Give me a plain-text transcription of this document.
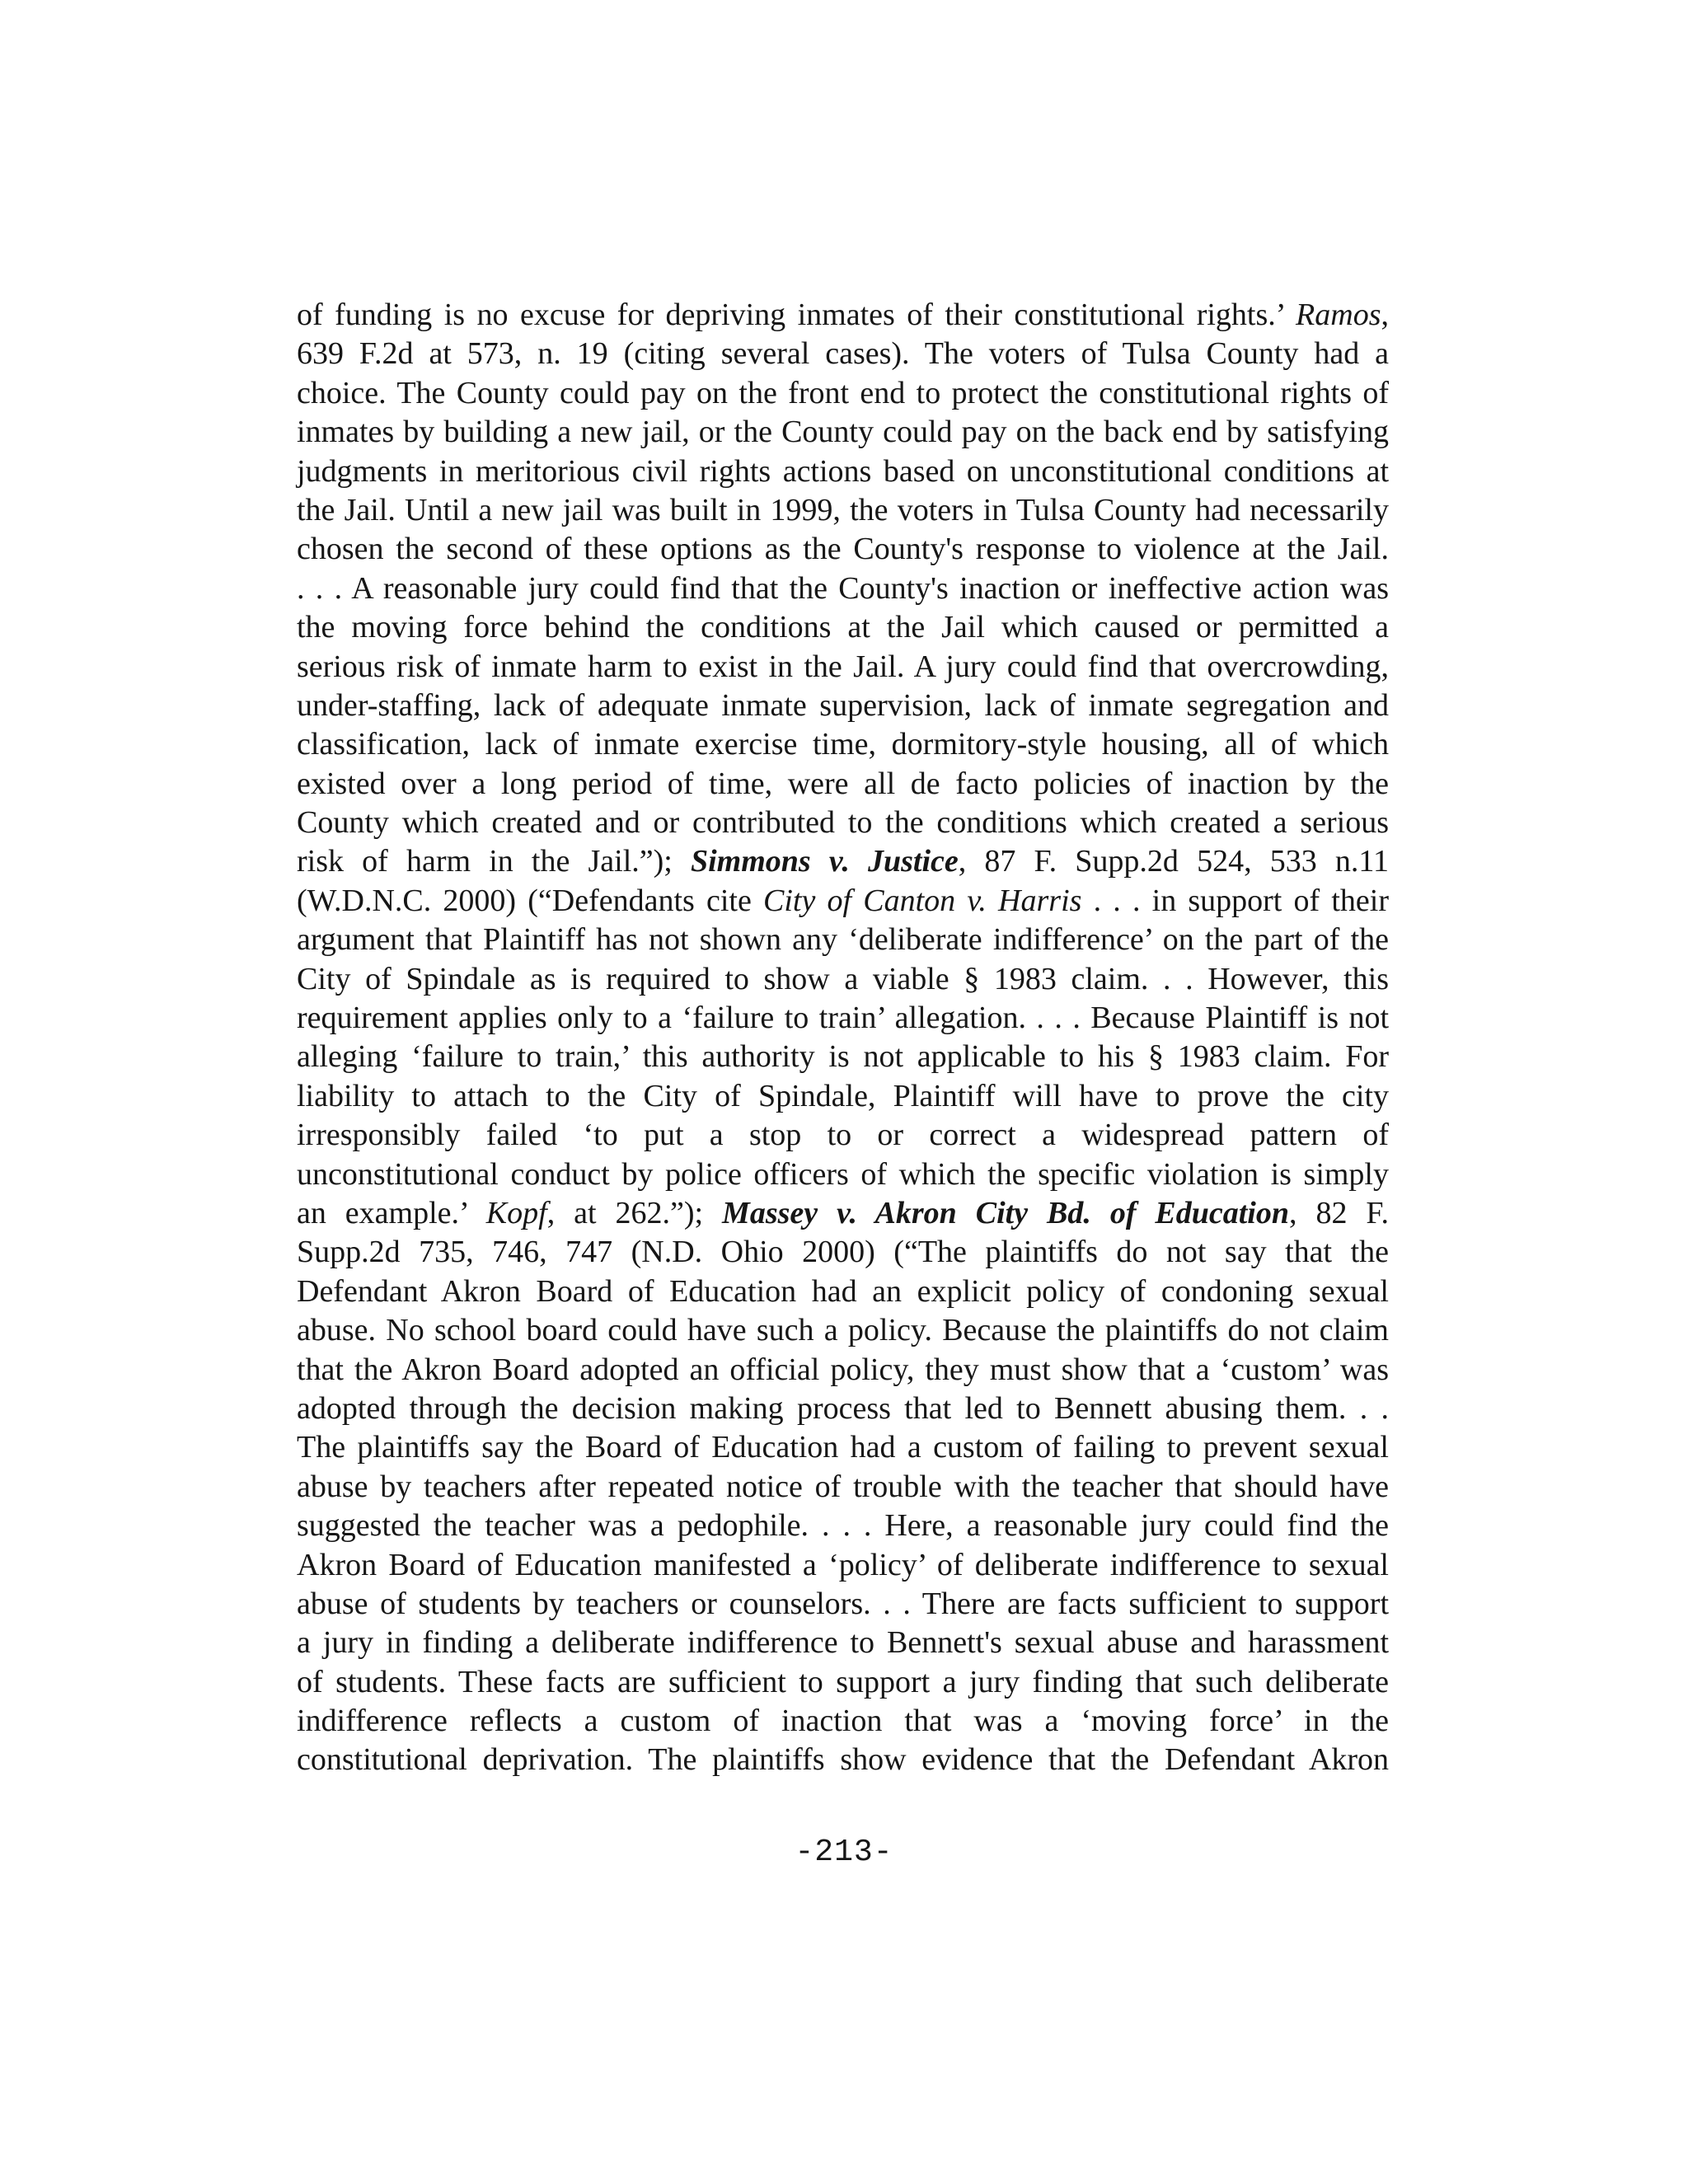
of funding is no excuse for depriving inmates of their constitutional rights.’ Ramos,
639 F.2d at 573, n. 19 (citing several cases). The voters of Tulsa County had a
choice. The County could pay on the front end to protect the constitutional rights of
inmates by building a new jail, or the County could pay on the back end by satisfying
judgments in meritorious civil rights actions based on unconstitutional conditions at
the Jail. Until a new jail was built in 1999, the voters in Tulsa County had necessarily
chosen the second of these options as the County's response to violence at the Jail.
. . . A reasonable jury could find that the County's inaction or ineffective action was
the moving force behind the conditions at the Jail which caused or permitted a
serious risk of inmate harm to exist in the Jail. A jury could find that overcrowding,
under-staffing, lack of adequate inmate supervision, lack of inmate segregation and
classification, lack of inmate exercise time, dormitory-style housing, all of which
existed over a long period of time, were all de facto policies of inaction by the
County which created and or contributed to the conditions which created a serious
risk of harm in the Jail.”); Simmons v. Justice, 87 F. Supp.2d 524, 533 n.11
(W.D.N.C. 2000) (“Defendants cite City of Canton v. Harris . . . in support of their
argument that Plaintiff has not shown any ‘deliberate indifference’ on the part of the
City of Spindale as is required to show a viable § 1983 claim. . . However, this
requirement applies only to a ‘failure to train’ allegation. . . . Because Plaintiff is not
alleging ‘failure to train,’ this authority is not applicable to his § 1983 claim. For
liability to attach to the City of Spindale, Plaintiff will have to prove the city
irresponsibly failed ‘to put a stop to or correct a widespread pattern of
unconstitutional conduct by police officers of which the specific violation is simply
an example.’ Kopf, at 262.”); Massey v. Akron City Bd. of Education, 82 F.
Supp.2d 735, 746, 747 (N.D. Ohio 2000) (“The plaintiffs do not say that the
Defendant Akron Board of Education had an explicit policy of condoning sexual
abuse. No school board could have such a policy. Because the plaintiffs do not claim
that the Akron Board adopted an official policy, they must show that a ‘custom’ was
adopted through the decision making process that led to Bennett abusing them. . .
The plaintiffs say the Board of Education had a custom of failing to prevent sexual
abuse by teachers after repeated notice of trouble with the teacher that should have
suggested the teacher was a pedophile. . . . Here, a reasonable jury could find the
Akron Board of Education manifested a ‘policy’ of deliberate indifference to sexual
abuse of students by teachers or counselors. . . There are facts sufficient to support
a jury in finding a deliberate indifference to Bennett's sexual abuse and harassment
of students. These facts are sufficient to support a jury finding that such deliberate
indifference reflects a custom of inaction that was a ‘moving force’ in the
constitutional deprivation. The plaintiffs show evidence that the Defendant Akron
-213-
